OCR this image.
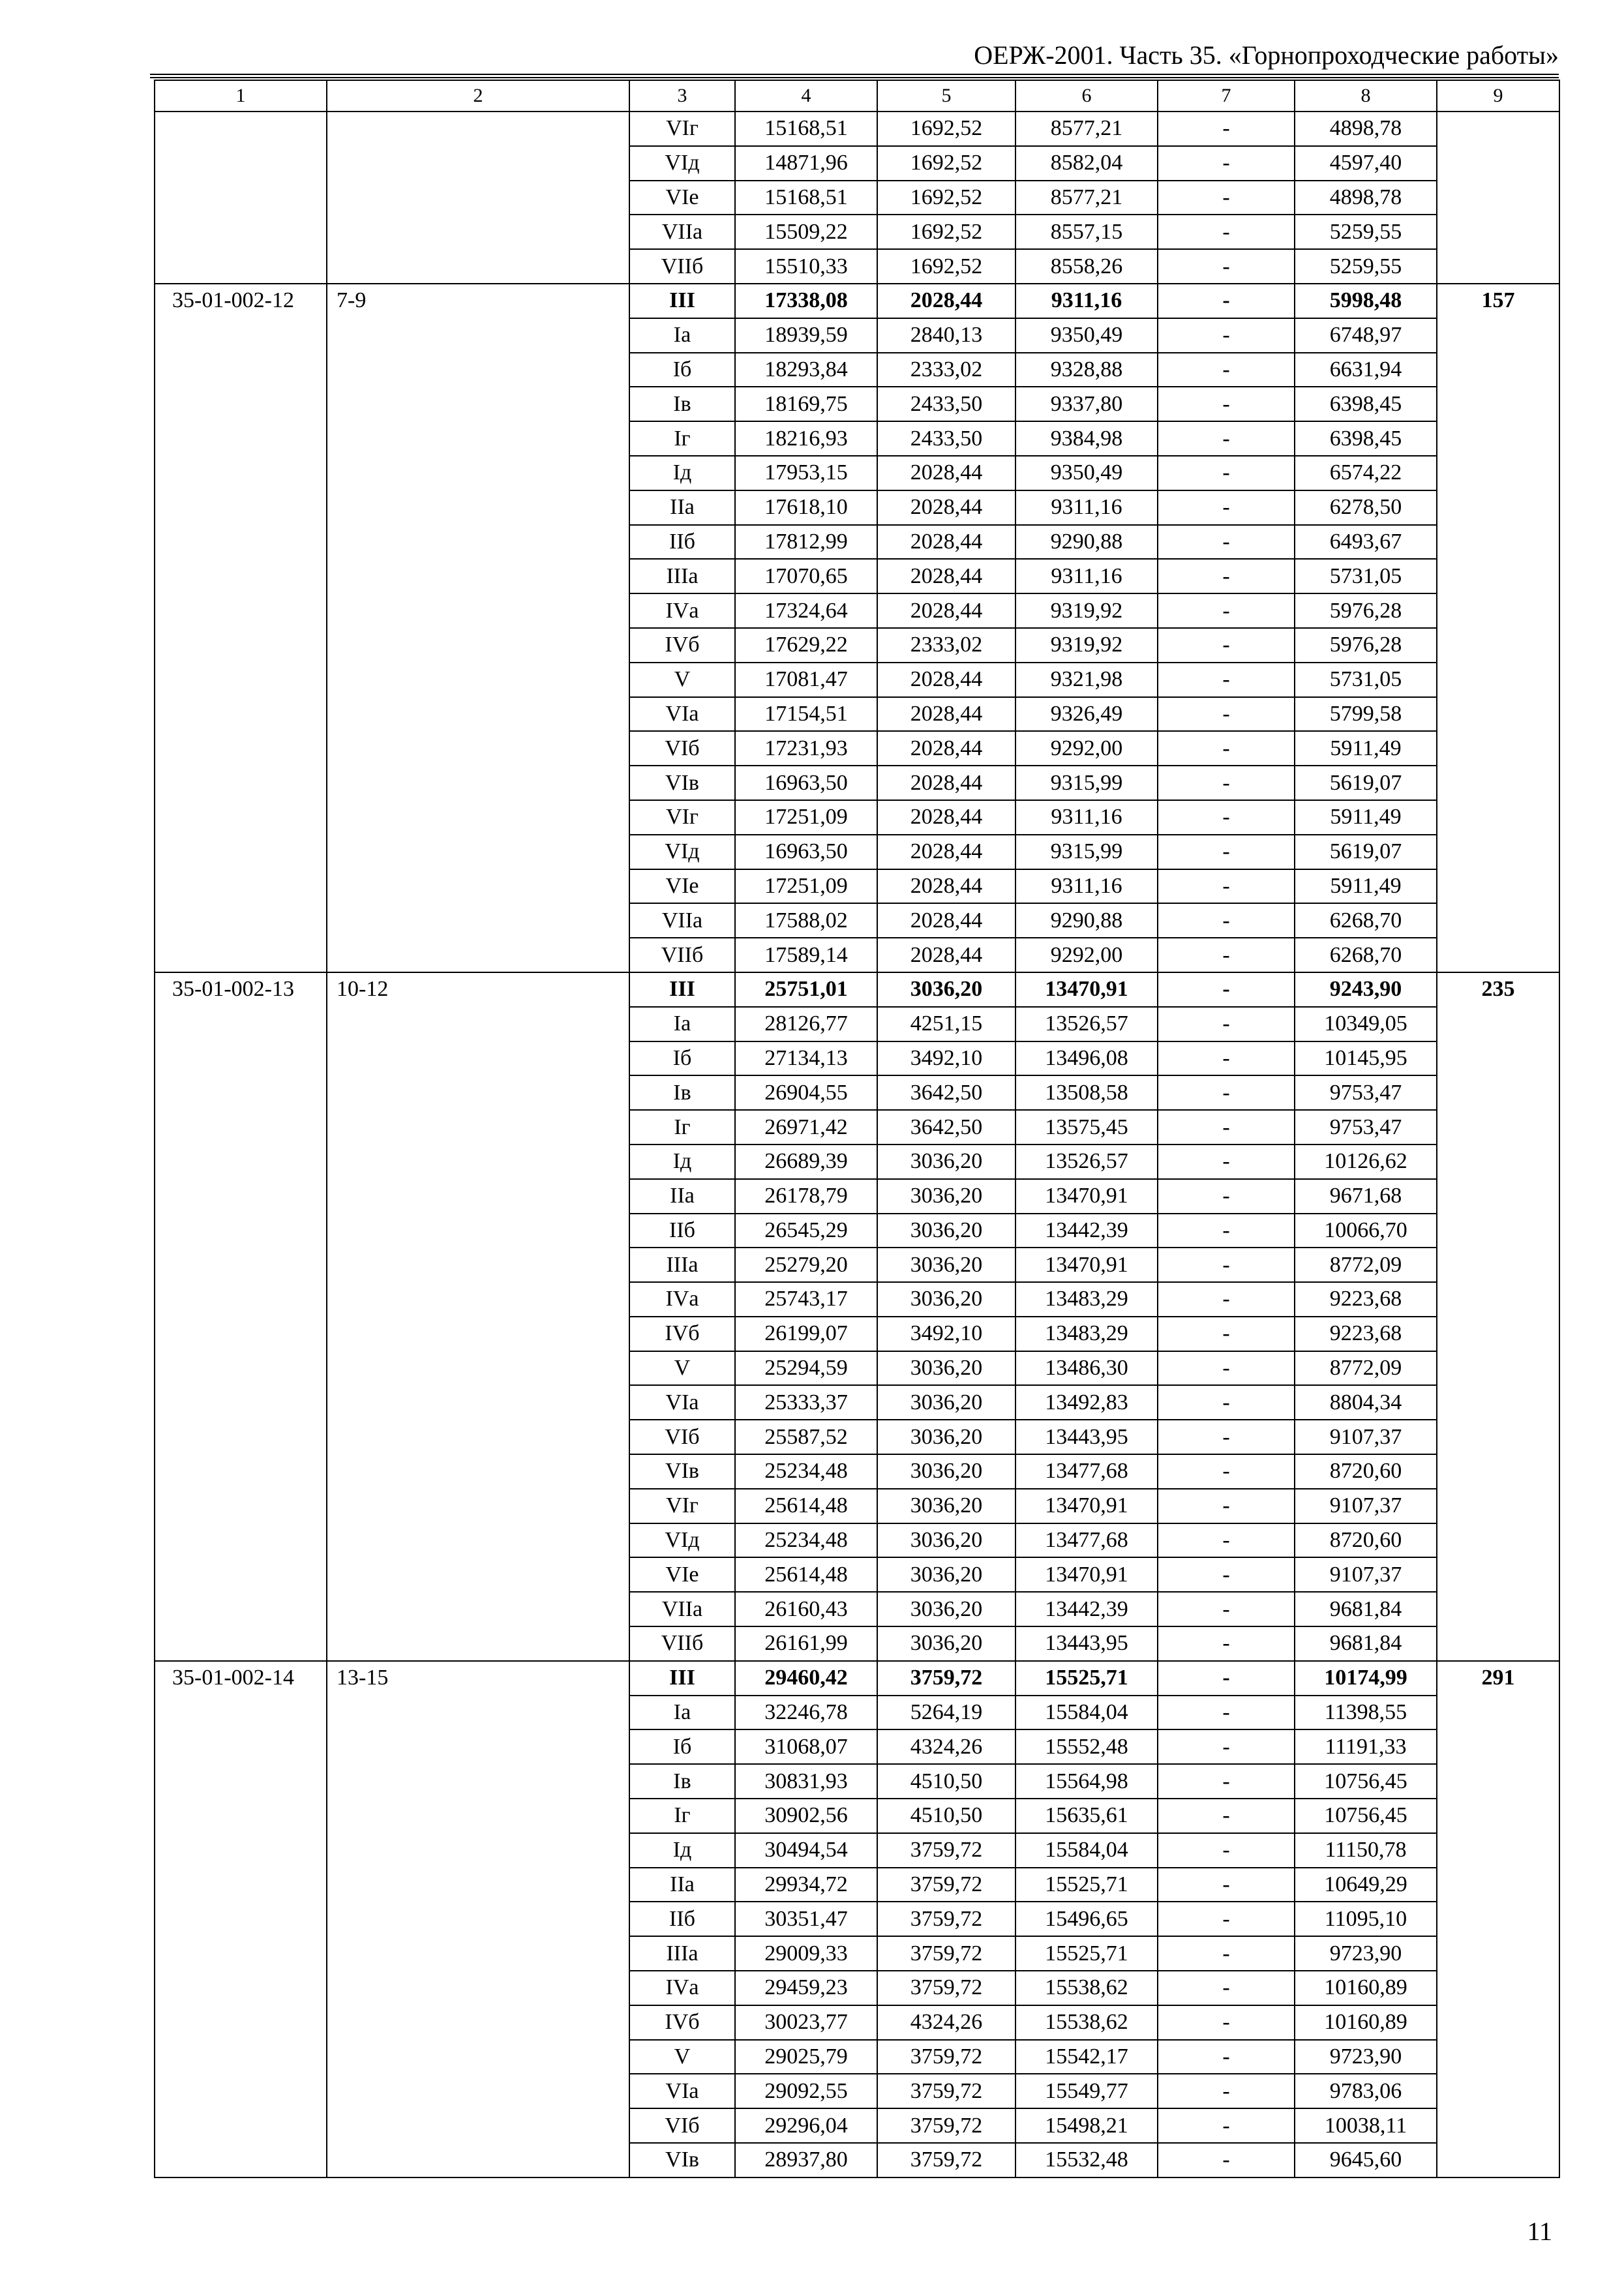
ОЕРЖ-2001. Часть 35. «Горнопроходческие работы»
1	2	3	4	5	6	7	8	9
		VIг	15168,51	1692,52	8577,21	-	4898,78	
		VIд	14871,96	1692,52	8582,04	-	4597,40	
		VIе	15168,51	1692,52	8577,21	-	4898,78	
		VIIа	15509,22	1692,52	8557,15	-	5259,55	
		VIIб	15510,33	1692,52	8558,26	-	5259,55	
35-01-002-12	7-9	III	17338,08	2028,44	9311,16	-	5998,48	157
		Iа	18939,59	2840,13	9350,49	-	6748,97	
		Iб	18293,84	2333,02	9328,88	-	6631,94	
		Iв	18169,75	2433,50	9337,80	-	6398,45	
		Iг	18216,93	2433,50	9384,98	-	6398,45	
		Iд	17953,15	2028,44	9350,49	-	6574,22	
		IIа	17618,10	2028,44	9311,16	-	6278,50	
		IIб	17812,99	2028,44	9290,88	-	6493,67	
		IIIа	17070,65	2028,44	9311,16	-	5731,05	
		IVа	17324,64	2028,44	9319,92	-	5976,28	
		IVб	17629,22	2333,02	9319,92	-	5976,28	
		V	17081,47	2028,44	9321,98	-	5731,05	
		VIа	17154,51	2028,44	9326,49	-	5799,58	
		VIб	17231,93	2028,44	9292,00	-	5911,49	
		VIв	16963,50	2028,44	9315,99	-	5619,07	
		VIг	17251,09	2028,44	9311,16	-	5911,49	
		VIд	16963,50	2028,44	9315,99	-	5619,07	
		VIе	17251,09	2028,44	9311,16	-	5911,49	
		VIIа	17588,02	2028,44	9290,88	-	6268,70	
		VIIб	17589,14	2028,44	9292,00	-	6268,70	
35-01-002-13	10-12	III	25751,01	3036,20	13470,91	-	9243,90	235
		Iа	28126,77	4251,15	13526,57	-	10349,05	
		Iб	27134,13	3492,10	13496,08	-	10145,95	
		Iв	26904,55	3642,50	13508,58	-	9753,47	
		Iг	26971,42	3642,50	13575,45	-	9753,47	
		Iд	26689,39	3036,20	13526,57	-	10126,62	
		IIа	26178,79	3036,20	13470,91	-	9671,68	
		IIб	26545,29	3036,20	13442,39	-	10066,70	
		IIIа	25279,20	3036,20	13470,91	-	8772,09	
		IVа	25743,17	3036,20	13483,29	-	9223,68	
		IVб	26199,07	3492,10	13483,29	-	9223,68	
		V	25294,59	3036,20	13486,30	-	8772,09	
		VIа	25333,37	3036,20	13492,83	-	8804,34	
		VIб	25587,52	3036,20	13443,95	-	9107,37	
		VIв	25234,48	3036,20	13477,68	-	8720,60	
		VIг	25614,48	3036,20	13470,91	-	9107,37	
		VIд	25234,48	3036,20	13477,68	-	8720,60	
		VIе	25614,48	3036,20	13470,91	-	9107,37	
		VIIа	26160,43	3036,20	13442,39	-	9681,84	
		VIIб	26161,99	3036,20	13443,95	-	9681,84	
35-01-002-14	13-15	III	29460,42	3759,72	15525,71	-	10174,99	291
		Iа	32246,78	5264,19	15584,04	-	11398,55	
		Iб	31068,07	4324,26	15552,48	-	11191,33	
		Iв	30831,93	4510,50	15564,98	-	10756,45	
		Iг	30902,56	4510,50	15635,61	-	10756,45	
		Iд	30494,54	3759,72	15584,04	-	11150,78	
		IIа	29934,72	3759,72	15525,71	-	10649,29	
		IIб	30351,47	3759,72	15496,65	-	11095,10	
		IIIа	29009,33	3759,72	15525,71	-	9723,90	
		IVа	29459,23	3759,72	15538,62	-	10160,89	
		IVб	30023,77	4324,26	15538,62	-	10160,89	
		V	29025,79	3759,72	15542,17	-	9723,90	
		VIа	29092,55	3759,72	15549,77	-	9783,06	
		VIб	29296,04	3759,72	15498,21	-	10038,11	
		VIв	28937,80	3759,72	15532,48	-	9645,60	
11
